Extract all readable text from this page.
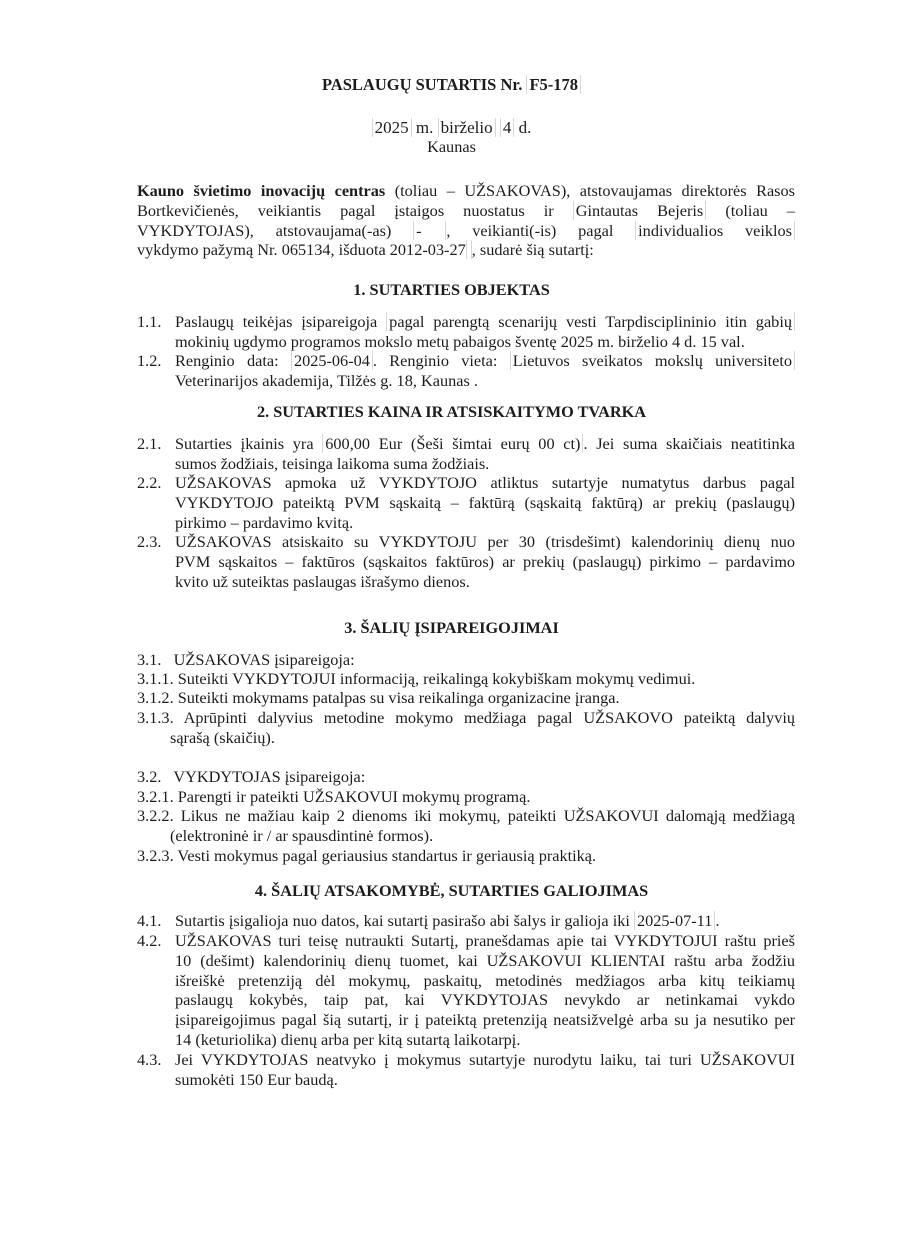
PASLAUGŲ SUTARTIS Nr. F5-178
2025 m. birželio 4 d.
Kaunas
Kauno švietimo inovacijų centras (toliau – UŽSAKOVAS), atstovaujamas direktorės Rasos
Bortkevičienės, veikiantis pagal įstaigos nuostatus ir Gintautas Bejeris (toliau –
VYKDYTOJAS), atstovaujama(-as) - , veikianti(-is) pagal individualios veiklos
vykdymo pažymą Nr. 065134, išduota 2012-03-27 , sudarė šią sutartį:
1. SUTARTIES OBJEKTAS
Paslaugų teikėjas įsipareigoja pagal parengtą scenarijų vesti Tarpdisciplininio itin gabių
1.1.
mokinių ugdymo programos mokslo metų pabaigos šventę 2025 m. birželio 4 d. 15 val.
Renginio data: 2025-06-04 . Renginio vieta: Lietuvos sveikatos mokslų universiteto
1.2.
Veterinarijos akademija, Tilžės g. 18, Kaunas .
2. SUTARTIES KAINA IR ATSISKAITYMO TVARKA
Sutarties įkainis yra 600,00 Eur (Šeši šimtai eurų 00 ct) . Jei suma skaičiais neatitinka
2.1.
sumos žodžiais, teisinga laikoma suma žodžiais.
UŽSAKOVAS apmoka už VYKDYTOJO atliktus sutartyje numatytus darbus pagal
2.2.
VYKDYTOJO pateiktą PVM sąskaitą – faktūrą (sąskaitą faktūrą) ar prekių (paslaugų)
pirkimo – pardavimo kvitą.
UŽSAKOVAS atsiskaito su VYKDYTOJU per 30 (trisdešimt) kalendorinių dienų nuo
2.3.
PVM sąskaitos – faktūros (sąskaitos faktūros) ar prekių (paslaugų) pirkimo – pardavimo
kvito už suteiktas paslaugas išrašymo dienos.
3. ŠALIŲ ĮSIPAREIGOJIMAI
3.1.   UŽSAKOVAS įsipareigoja:
3.1.1. Suteikti VYKDYTOJUI informaciją, reikalingą kokybiškam mokymų vedimui.
3.1.2. Suteikti mokymams patalpas su visa reikalinga organizacine įranga.
3.1.3. Aprūpinti dalyvius metodine mokymo medžiaga pagal UŽSAKOVO pateiktą dalyvių
sąrašą (skaičių).
3.2.   VYKDYTOJAS įsipareigoja:
3.2.1. Parengti ir pateikti UŽSAKOVUI mokymų programą.
3.2.2. Likus ne mažiau kaip 2 dienoms iki mokymų, pateikti UŽSAKOVUI dalomąją medžiagą
(elektroninė ir / ar spausdintinė formos).
3.2.3. Vesti mokymus pagal geriausius standartus ir geriausią praktiką.
4. ŠALIŲ ATSAKOMYBĖ, SUTARTIES GALIOJIMAS
Sutartis įsigalioja nuo datos, kai sutartį pasirašo abi šalys ir galioja iki 2025-07-11 .
4.1.
UŽSAKOVAS turi teisę nutraukti Sutartį, pranešdamas apie tai VYKDYTOJUI raštu prieš
4.2.
10 (dešimt) kalendorinių dienų tuomet, kai UŽSAKOVUI KLIENTAI raštu arba žodžiu
išreiškė pretenziją dėl mokymų, paskaitų, metodinės medžiagos arba kitų teikiamų
paslaugų kokybės, taip pat, kai VYKDYTOJAS nevykdo ar netinkamai vykdo
įsipareigojimus pagal šią sutartį, ir į pateiktą pretenziją neatsižvelgė arba su ja nesutiko per
14 (keturiolika) dienų arba per kitą sutartą laikotarpį.
Jei VYKDYTOJAS neatvyko į mokymus sutartyje nurodytu laiku, tai turi UŽSAKOVUI
4.3.
sumokėti 150 Eur baudą.
